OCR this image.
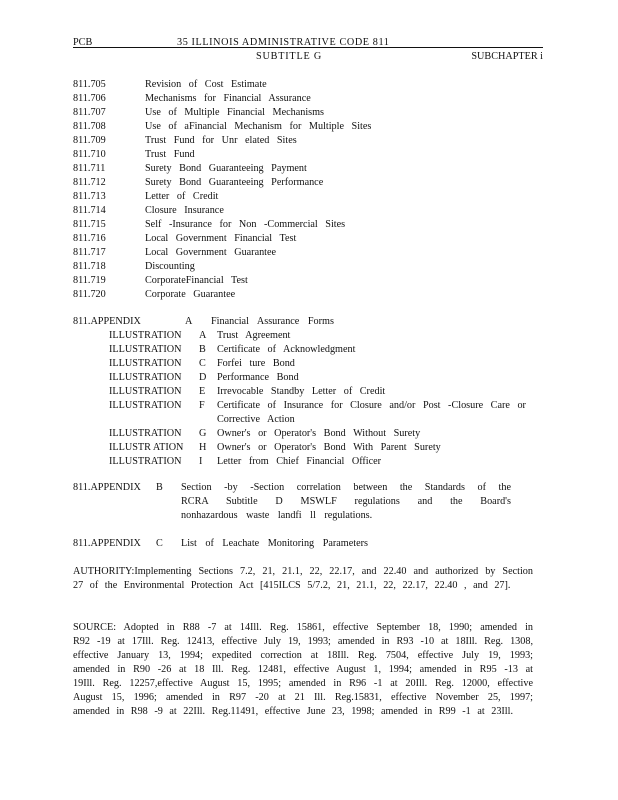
PCB	35 ILLINOIS ADMINISTRATIVE CODE 811
SUBTITLE G	SUBCHAPTER i
811.705	Revision of Cost Estimate
811.706	Mechanisms for Financial Assurance
811.707	Use of Multiple Financial Mechanisms
811.708	Use of aFinancial Mechanism for Multiple Sites
811.709	Trust Fund for Unr elated Sites
811.710	Trust Fund
811.711	Surety Bond Guaranteeing Payment
811.712	Surety Bond Guaranteeing Performance
811.713	Letter of Credit
811.714	Closure Insurance
811.715	Self -Insurance for Non -Commercial Sites
811.716	Local Government Financial Test
811.717	Local Government Guarantee
811.718	Discounting
811.719	CorporateFinancial Test
811.720	Corporate Guarantee
811.APPENDIX	A Financial Assurance Forms
ILLUSTRATION A Trust Agreement
ILLUSTRATION B Certificate of Acknowledgment
ILLUSTRATION C Forfei ture Bond
ILLUSTRATION D Performance Bond
ILLUSTRATION E Irrevocable Standby Letter of Credit
ILLUSTRATION F Certificate of Insurance for Closure and/or Post -Closure Care or Corrective Action
ILLUSTRATION G Owner's or Operator's Bond Without Surety
ILLUSTR ATION H Owner's or Operator's Bond With Parent Surety
ILLUSTRATION I Letter from Chief Financial Officer
811.APPENDIX B Section -by -Section correlation between the Standards of the RCRA Subtitle D MSWLF regulations and the Board's nonhazardous waste landfi ll regulations.
811.APPENDIX C List of Leachate Monitoring Parameters
AUTHORITY:Implementing Sections 7.2, 21, 21.1, 22, 22.17, and 22.40 and authorized by Section 27 of the Environmental Protection Act [415ILCS 5/7.2, 21, 21.1, 22, 22.17, 22.40 , and 27].
SOURCE: Adopted in R88 -7 at 14Ill. Reg. 15861, effective September 18, 1990; amended in R92 -19 at 17Ill. Reg. 12413, effective July 19, 1993; amended in R93 -10 at 18Ill. Reg. 1308, effective January 13, 1994; expedited correction at 18Ill. Reg. 7504, effective July 19, 1993; amended in R90 -26 at 18 Ill. Reg. 12481, effective August 1, 1994; amended in R95 -13 at 19Ill. Reg. 12257,effective August 15, 1995; amended in R96 -1 at 20Ill. Reg. 12000, effective August 15, 1996; amended in R97 -20 at 21 Ill. Reg.15831, effective November 25, 1997; amended in R98 -9 at 22Ill. Reg.11491, effective June 23, 1998; amended in R99 -1 at 23Ill.
